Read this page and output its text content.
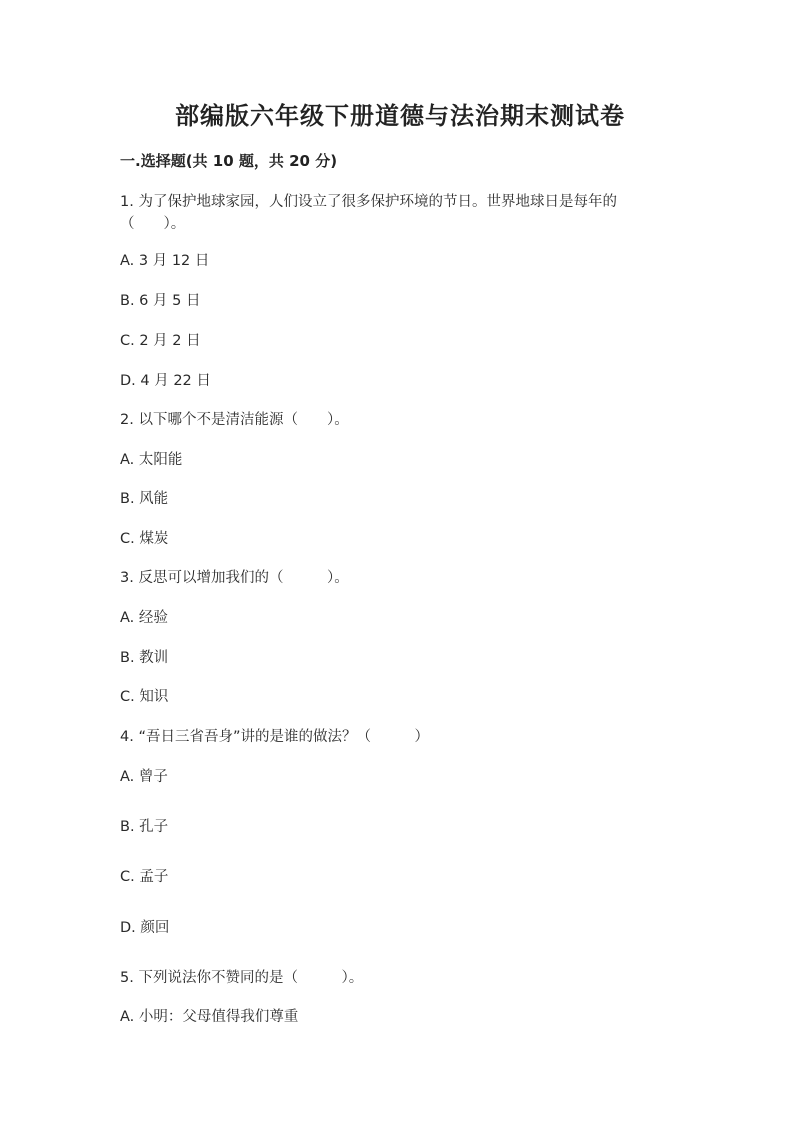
部编版六年级下册道德与法治期末测试卷
一.选择题(共 10 题，共 20 分)
1. 为了保护地球家园，人们设立了很多保护环境的节日。世界地球日是每年的
（　　）。
A. 3 月 12 日
B. 6 月 5 日
C. 2 月 2 日
D. 4 月 22 日
2. 以下哪个不是清洁能源（　　）。
A. 太阳能
B. 风能
C. 煤炭
3. 反思可以增加我们的（　　　）。
A. 经验
B. 教训
C. 知识
4. “吾日三省吾身”讲的是谁的做法？（　　　）
A. 曾子
B. 孔子
C. 孟子
D. 颜回
5. 下列说法你不赞同的是（　　　）。
A. 小明：父母值得我们尊重
